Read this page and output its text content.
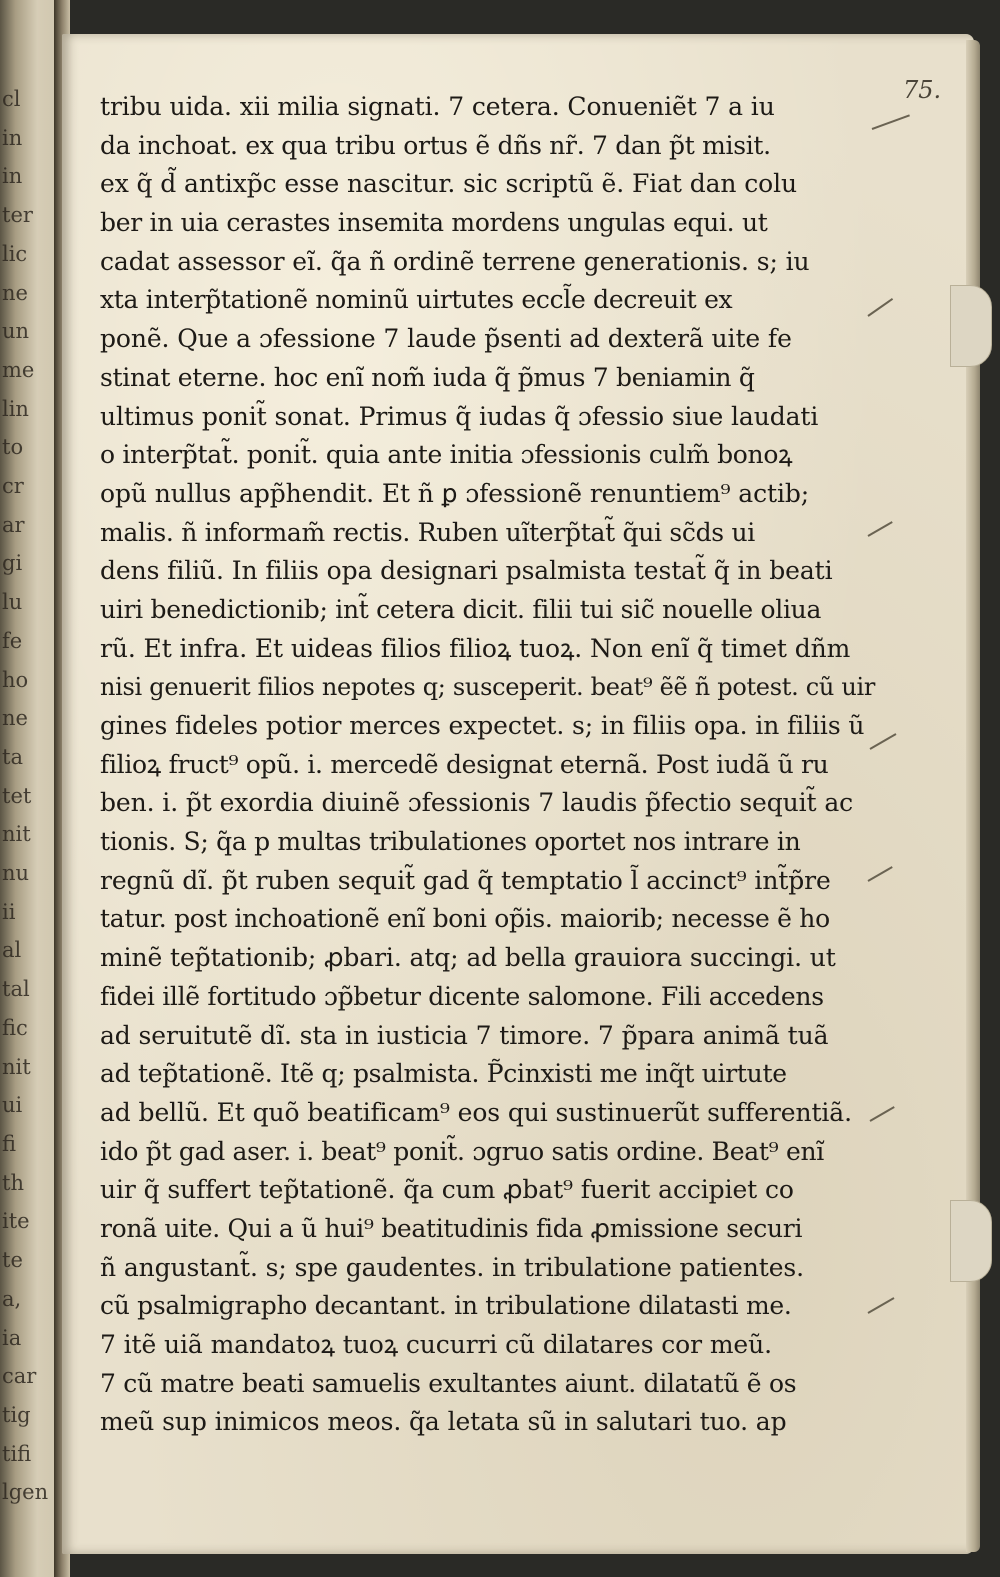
cl
in
in
ter
lic
ne
un
me
lin
to
cr
ar
gi
lu
fe
ho
ne
ta
tet
nit
nu
ii
al
tal
fic
nit
ui
fi
th
ite
te
a,
ia
car
tig
tifi
lgen
75.
tribu uida. xii milia signati. 7 cetera. Conueniẽt 7 a iu
da inchoat. ex qua tribu ortus ẽ dñs nr̃. 7 dan p̃t misit.
ex q̃ d̃ antixp̃c esse nascitur. sic scriptũ ẽ. Fiat dan colu
ber in uia cerastes insemita mordens ungulas equi. ut
cadat assessor eĩ. q̃a ñ ordinẽ terrene generationis. s; iu
xta interp̃tationẽ nominũ uirtutes eccl̃e decreuit ex
ponẽ. Que a ɔfessione 7 laude p̃senti ad dexterã uite fe
stinat eterne. hoc enĩ nom̃ iuda q̃ p̃mus 7 beniamin q̃
ultimus ponit̃ sonat. Primus q̃ iudas q̃ ɔfessio siue laudati
o interp̃tat̃. ponit̃. quia ante initia ɔfessionis culm̃ bonoꝝ
opũ nullus app̃hendit. Et ñ ꝑ ɔfessionẽ renuntiem⁹ actib;
malis. ñ informam̃ rectis. Ruben uĩterp̃tat̃ q̃ui sc̃ds ui
dens filiũ. In filiis opa designari psalmista testat̃ q̃ in beati
uiri benedictionib; int̃ cetera dicit. filii tui sic̃ nouelle oliua
rũ. Et infra. Et uideas filios filioꝝ tuoꝝ. Non enĩ q̃ timet dñm
nisi genuerit filios nepotes q; susceperit. beat⁹ ẽẽ ñ potest. cũ uir
gines fideles potior merces expectet. s; in filiis opa. in filiis ũ
filioꝝ fruct⁹ opũ. i. mercedẽ designat eternã. Post iudã ũ ru
ben. i. p̃t exordia diuinẽ ɔfessionis 7 laudis p̃fectio sequit̃ ac
tionis. S; q̃a p multas tribulationes oportet nos intrare in
regnũ dĩ. p̃t ruben sequit̃ gad q̃ temptatio l̃ accinct⁹ int̃p̃re
tatur. post inchoationẽ enĩ boni op̃is. maiorib; necesse ẽ ho
minẽ tep̃tationib; ꝓbari. atq; ad bella grauiora succingi. ut
fidei illẽ fortitudo ɔp̃betur dicente salomone. Fili accedens
ad seruitutẽ dĩ. sta in iusticia 7 timore. 7 p̃para animã tuã
ad tep̃tationẽ. Itẽ q; psalmista. P̃cinxisti me inq̃t uirtute
ad bellũ. Et quõ beatificam⁹ eos qui sustinuerũt sufferentiã.
ido p̃t gad aser. i. beat⁹ ponit̃. ɔgruo satis ordine. Beat⁹ enĩ
uir q̃ suffert tep̃tationẽ. q̃a cum ꝓbat⁹ fuerit accipiet co
ronã uite. Qui a ũ hui⁹ beatitudinis fida ꝓmissione securi
ñ angustant̃. s; spe gaudentes. in tribulatione patientes.
cũ psalmigrapho decantant. in tribulatione dilatasti me.
7 itẽ uiã mandatoꝝ tuoꝝ cucurri cũ dilatares cor meũ.
7 cũ matre beati samuelis exultantes aiunt. dilatatũ ẽ os
meũ sup inimicos meos. q̃a letata sũ in salutari tuo. ap
